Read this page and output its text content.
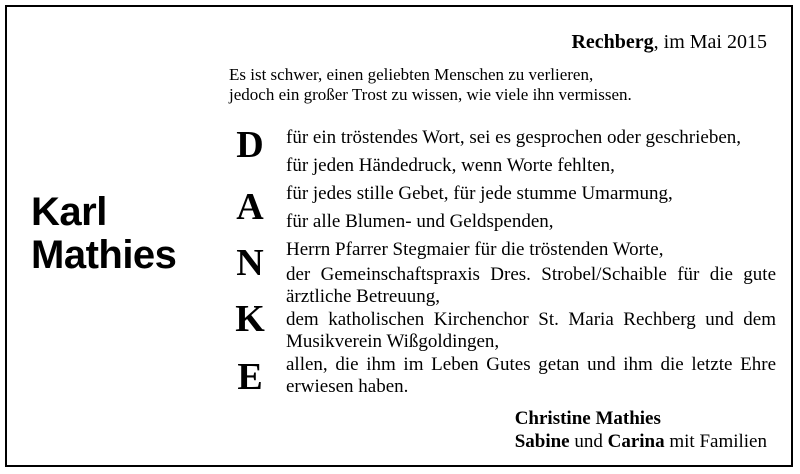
Rechberg, im Mai 2015
Karl
Mathies
Es ist schwer, einen geliebten Menschen zu verlieren,
jedoch ein großer Trost zu wissen, wie viele ihn vermissen.
D
A
N
K
E
für ein tröstendes Wort, sei es gesprochen oder geschrieben,
für jeden Händedruck, wenn Worte fehlten,
für jedes stille Gebet, für jede stumme Umarmung,
für alle Blumen- und Geldspenden,
Herrn Pfarrer Stegmaier für die tröstenden Worte,
der Gemeinschaftspraxis Dres. Strobel/Schaible für die gute ärztliche Betreuung,
dem katholischen Kirchenchor St. Maria Rechberg und dem Musikverein Wißgoldingen,
allen, die ihm im Leben Gutes getan und ihm die letzte Ehre erwiesen haben.
Christine Mathies
Sabine und Carina mit Familien
